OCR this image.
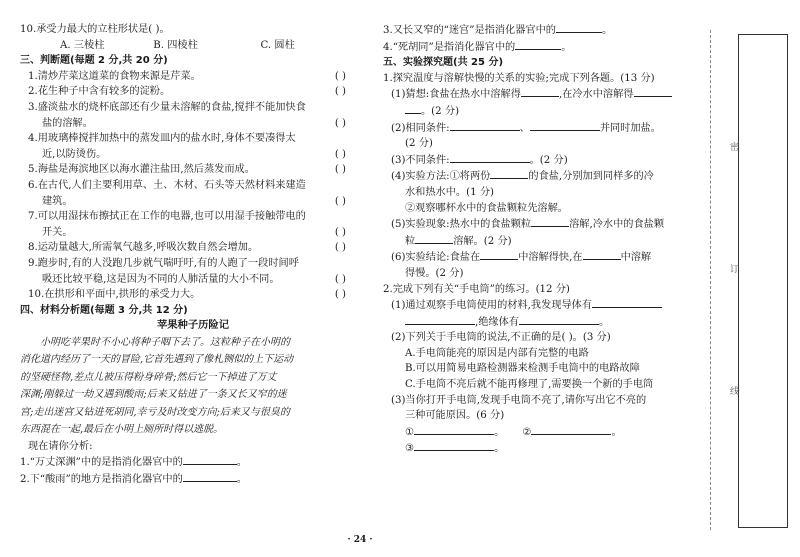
10.承受力最大的立柱形状是( )。
A. 三棱柱	B. 四棱柱	C. 圆柱
三、判断题(每题 2 分,共 20 分)
1.清炒芹菜这道菜的食物来源是芹菜。	( )
2.花生种子中含有较多的淀粉。	( )
3.盛淡盐水的烧杯底部还有少量未溶解的食盐,搅拌不能加快食
盐的溶解。	( )
4.用玻璃棒搅拌加热中的蒸发皿内的盐水时,身体不要凑得太
近,以防烫伤。	( )
5.海盐是海滨地区以海水灌注盐田,然后蒸发而成。	( )
6.在古代,人们主要利用草、土、木材、石头等天然材料来建造
建筑。	( )
7.可以用湿抹布擦拭正在工作的电器,也可以用湿手接触带电的
开关。	( )
8.运动量越大,所需氧气越多,呼吸次数自然会增加。	( )
9.跑步时,有的人没跑几步就气喘吁吁,有的人跑了一段时间呼
吸还比较平稳,这是因为不同的人肺活量的大小不同。	( )
10.在拱形和平面中,拱形的承受力大。	( )
四、材料分析题(每题 3 分,共 12 分)
苹果种子历险记
小明吃苹果时不小心将种子咽下去了。这粒种子在小明的
消化道内经历了一天的冒险,它首先遇到了像札铡似的上下运动
的坚硬怪物,差点儿被压得粉身碎骨;然后它一下掉进了万丈
深渊;刚躲过一劫又遇到酸雨;后来又钻进了一条又长又窄的迷
宫;走出迷宫又钻进死胡同,幸亏及时改变方向;后来又与很臭的
东西混在一起,最后在小明上厕所时得以逃脱。
现在请你分析:
1.“万丈深渊”中的是指消化器官中的	。
2.下“酸雨”的地方是指消化器官中的	。
3.又长又窄的“迷宫”是指消化器官中的	。
4.“死胡同”是指消化器官中的	。
五、实验探究题(共 25 分)
1.探究温度与溶解快慢的关系的实验;完成下列各题。(13 分)
(1)猜想:食盐在热水中溶解得	,在冷水中溶解得
。(2 分)
(2)相同条件:	、	并同时加盐。
(2 分)
(3)不同条件:	。(2 分)
(4)实验方法:①将两份	的食盐,分别加到同样多的冷
水和热水中。(1 分)
②观察哪杯水中的食盐颗粒先溶解。
(5)实验现象:热水中的食盐颗粒	溶解,冷水中的食盐颗
粒	溶解。(2 分)
(6)实验结论:食盐在	中溶解得快,在	中溶解
得慢。(2 分)
2.完成下列有关“手电筒”的练习。(12 分)
(1)通过观察手电筒使用的材料,我发现导体有
,绝缘体有	。
(2)下列关于手电筒的说法,不正确的是( )。(3 分)
A.手电筒能亮的原因是内部有完整的电路
B.可以用简易电路检测器来检测手电筒中的电路故障
C.手电筒不亮后就不能再修理了,需要换一个新的手电筒
(3)当你打开手电筒,发现手电筒不亮了,请你写出它不亮的
三种可能原因。(6 分)
①	。 ②	。
③	。
· 24 ·
密
订
线
